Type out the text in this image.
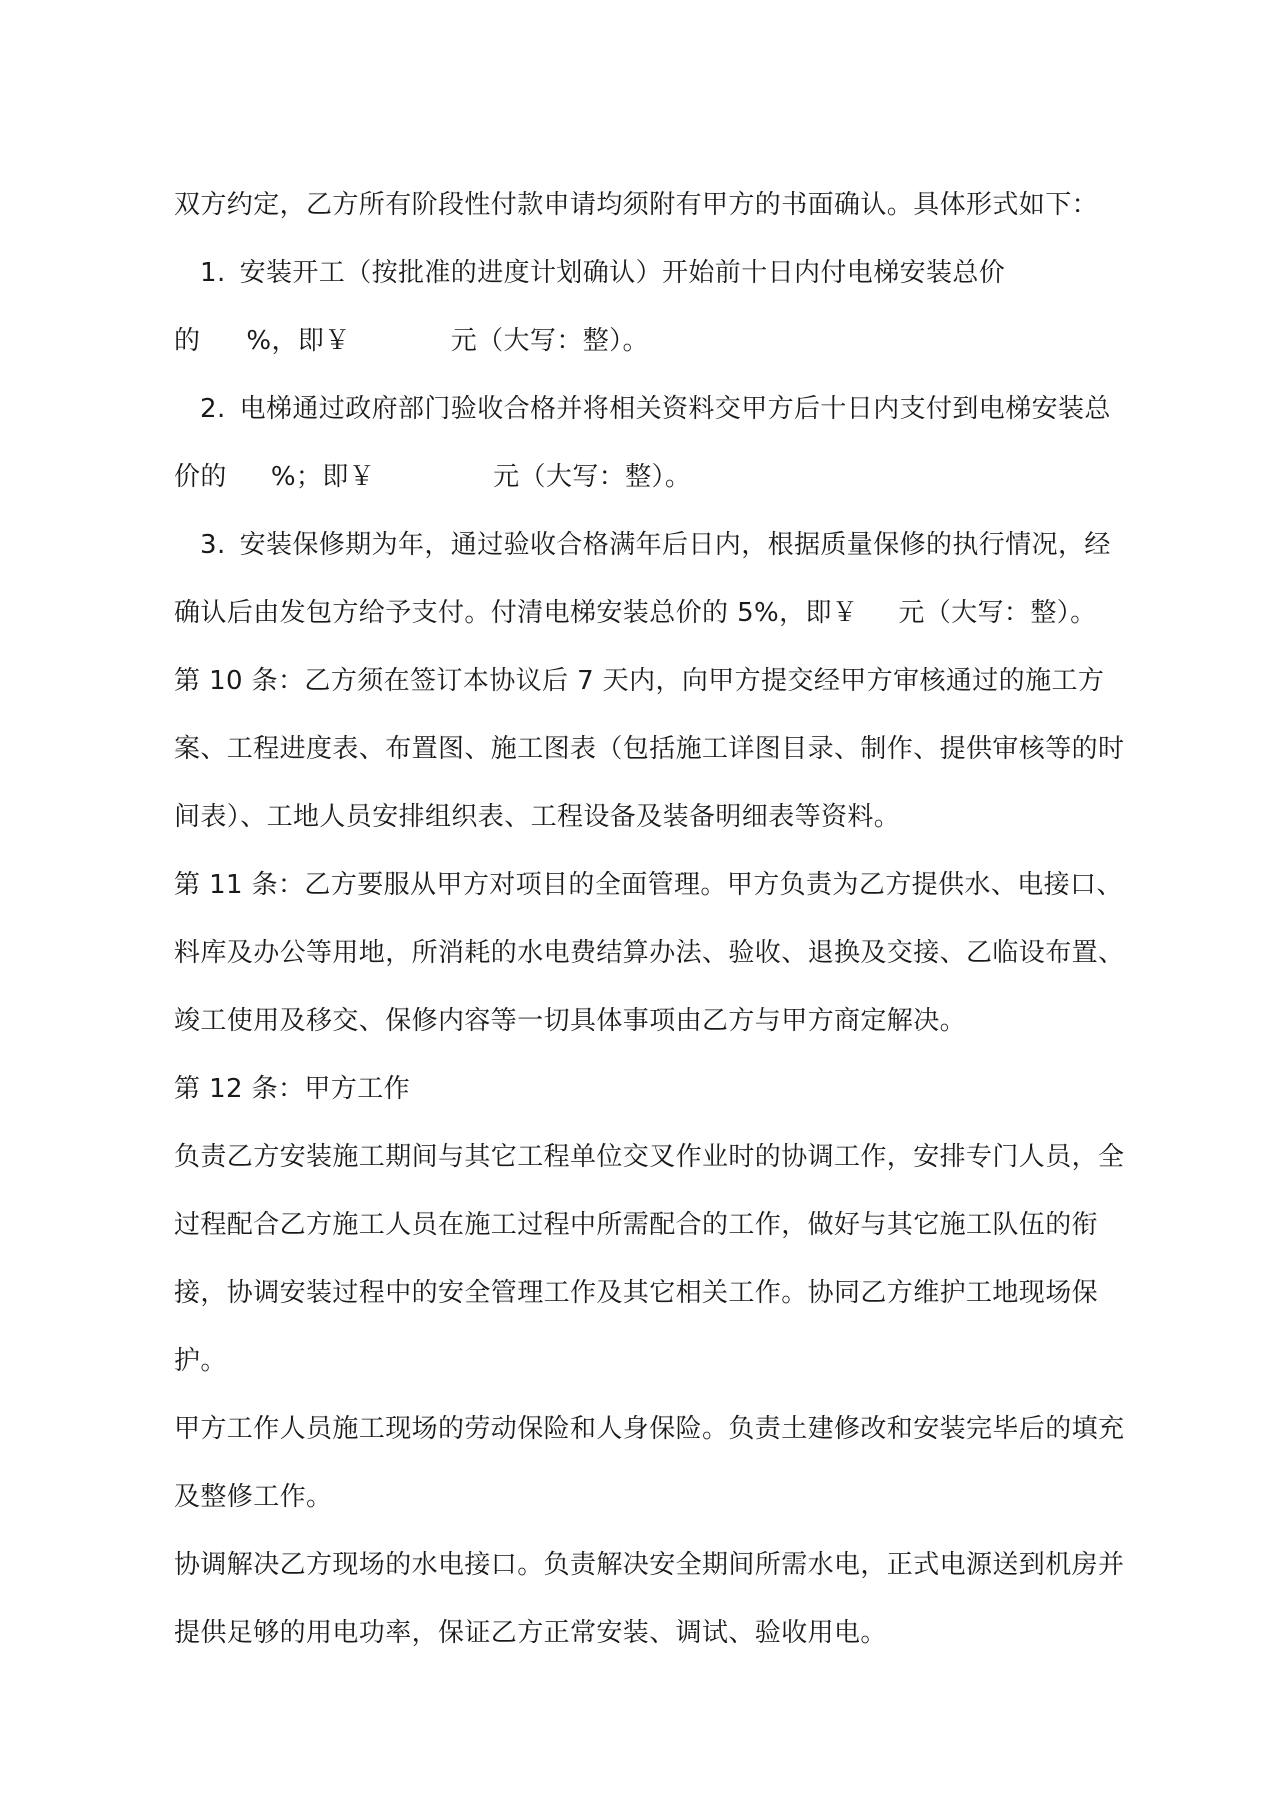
双方约定，乙方所有阶段性付款申请均须附有甲方的书面确认。具体形式如下：
1. 安装开工（按批准的进度计划确认）开始前十日内付电梯安装总价
的 %，即￥	元（大写：整）。
2. 电梯通过政府部门验收合格并将相关资料交甲方后十日内支付到电梯安装总
价的 %；即￥	元（大写：整）。
3. 安装保修期为年，通过验收合格满年后日内，根据质量保修的执行情况，经
确认后由发包方给予支付。付清电梯安装总价的 5%，即￥ 元（大写：整）。
第 10 条：乙方须在签订本协议后 7 天内，向甲方提交经甲方审核通过的施工方
案、工程进度表、布置图、施工图表（包括施工详图目录、制作、提供审核等的时
间表）、工地人员安排组织表、工程设备及装备明细表等资料。
第 11 条：乙方要服从甲方对项目的全面管理。甲方负责为乙方提供水、电接口、
料库及办公等用地，所消耗的水电费结算办法、验收、退换及交接、乙临设布置、
竣工使用及移交、保修内容等一切具体事项由乙方与甲方商定解决。
第 12 条：甲方工作
负责乙方安装施工期间与其它工程单位交叉作业时的协调工作，安排专门人员，全
过程配合乙方施工人员在施工过程中所需配合的工作，做好与其它施工队伍的衔
接，协调安装过程中的安全管理工作及其它相关工作。协同乙方维护工地现场保
护。
甲方工作人员施工现场的劳动保险和人身保险。负责土建修改和安装完毕后的填充
及整修工作。
协调解决乙方现场的水电接口。负责解决安全期间所需水电，正式电源送到机房并
提供足够的用电功率，保证乙方正常安装、调试、验收用电。
